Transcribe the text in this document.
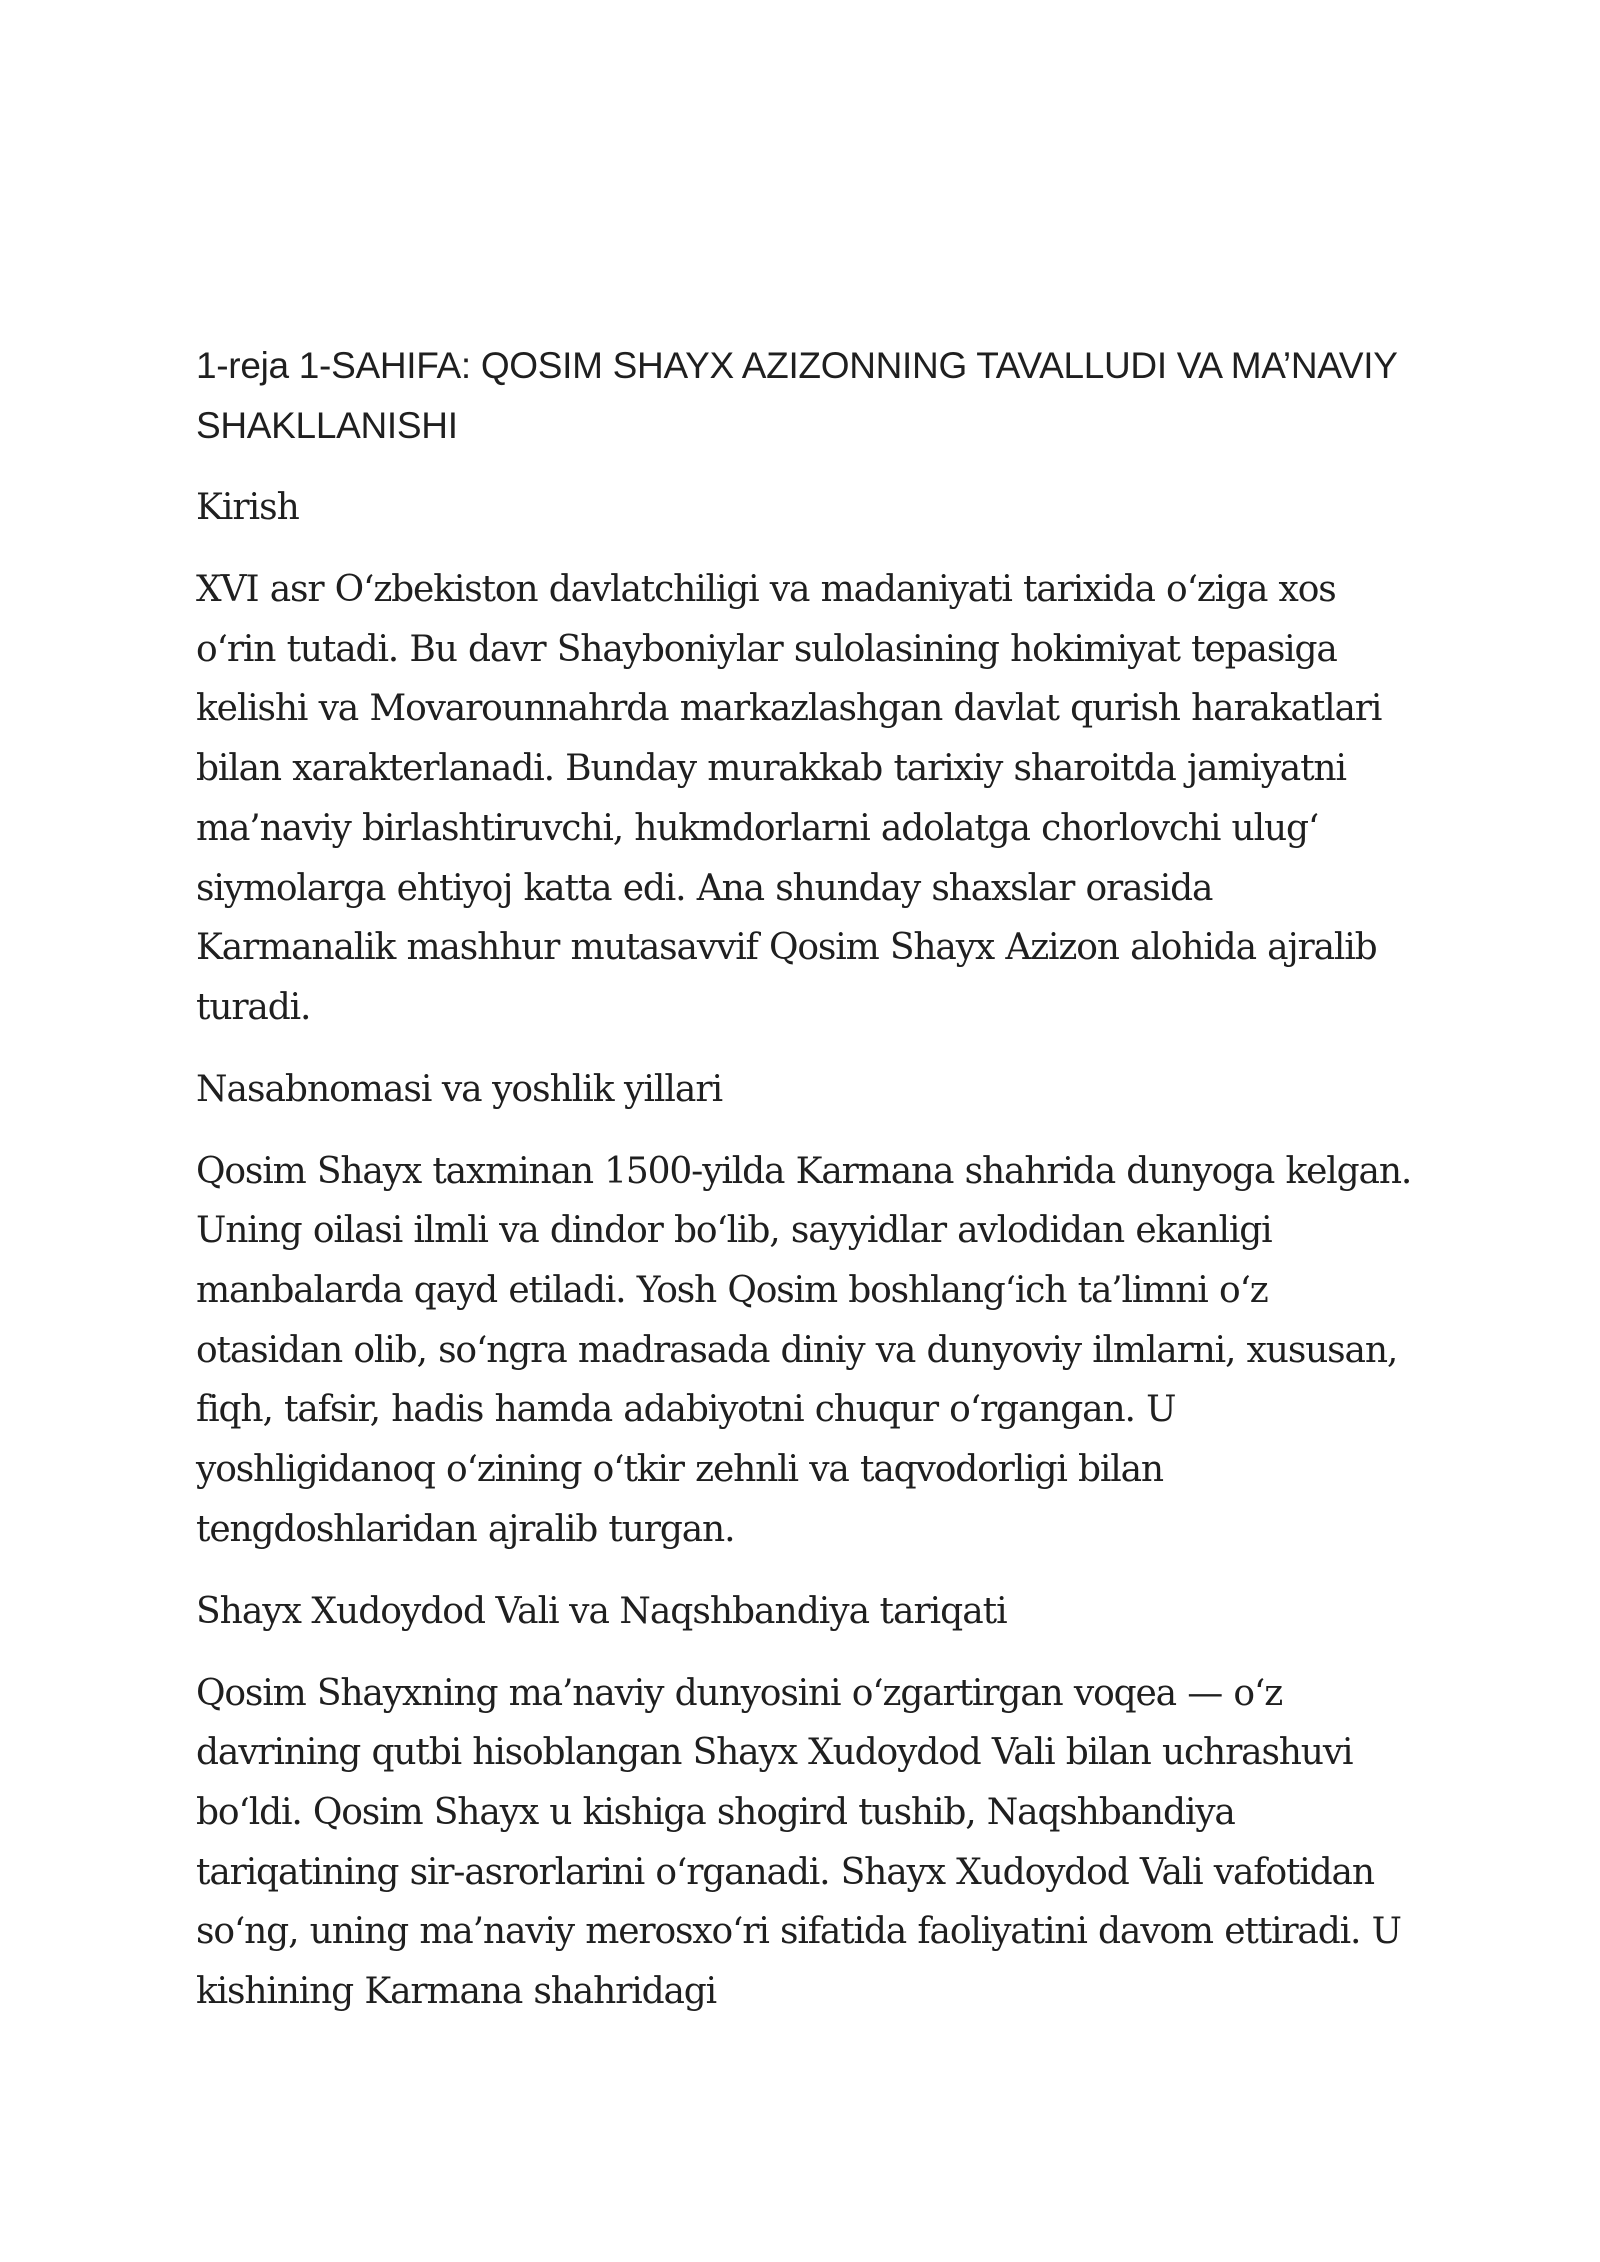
1-reja 1-SAHIFA: QOSIM SHAYX AZIZONNING TAVALLUDI VA MA’NAVIY SHAKLLANISHI

Kirish

XVI asr O‘zbekiston davlatchiligi va madaniyati tarixida o‘ziga xos o‘rin tutadi. Bu davr Shayboniylar sulolasining hokimiyat tepasiga kelishi va Movarounnahrda markazlashgan davlat qurish harakatlari bilan xarakterlanadi. Bunday murakkab tarixiy sharoitda jamiyatni ma’naviy birlashtiruvchi, hukmdorlarni adolatga chorlovchi ulug‘ siymolarga ehtiyoj katta edi. Ana shunday shaxslar orasida Karmanalik mashhur mutasavvif Qosim Shayx Azizon alohida ajralib turadi.

Nasabnomasi va yoshlik yillari

Qosim Shayx taxminan 1500-yilda Karmana shahrida dunyoga kelgan. Uning oilasi ilmli va dindor bo‘lib, sayyidlar avlodidan ekanligi manbalarda qayd etiladi. Yosh Qosim boshlang‘ich ta’limni o‘z otasidan olib, so‘ngra madrasada diniy va dunyoviy ilmlarni, xususan, fiqh, tafsir, hadis hamda adabiyotni chuqur o‘rgangan. U yoshligidanoq o‘zining o‘tkir zehnli va taqvodorligi bilan tengdoshlaridan ajralib turgan.

Shayx Xudoydod Vali va Naqshbandiya tariqati

Qosim Shayxning ma’naviy dunyosini o‘zgartirgan voqea — o‘z davrining qutbi hisoblangan Shayx Xudoydod Vali bilan uchrashuvi bo‘ldi. Qosim Shayx u kishiga shogird tushib, Naqshbandiya tariqatining sir-asrorlarini o‘rganadi. Shayx Xudoydod Vali vafotidan so‘ng, uning ma’naviy merosxo‘ri sifatida faoliyatini davom ettiradi. U kishining Karmana shahridagi
